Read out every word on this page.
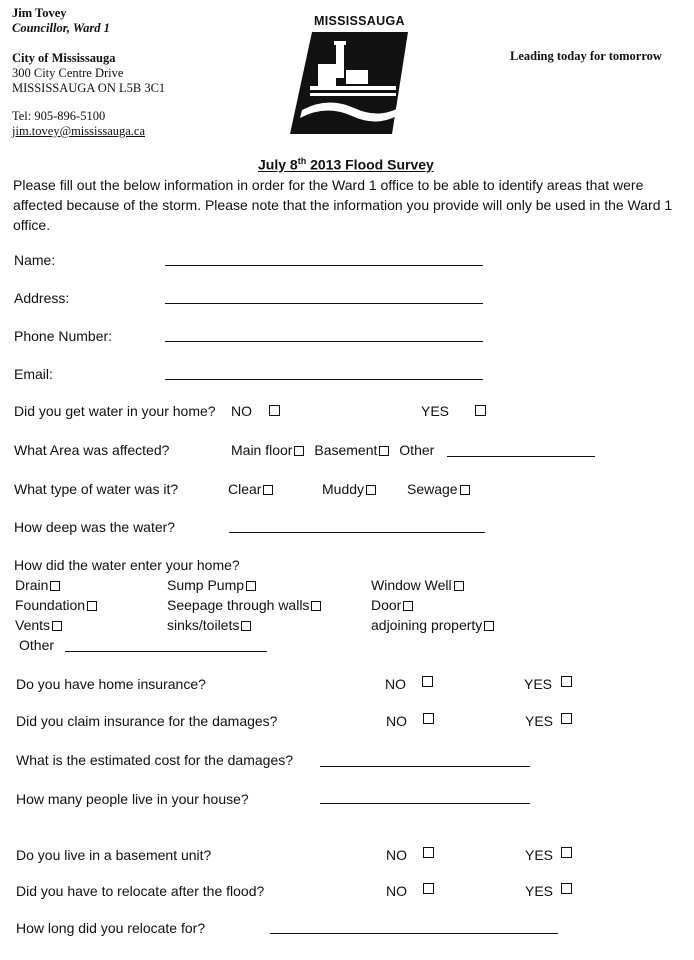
Jim Tovey
Councillor, Ward 1
City of Mississauga
300 City Centre Drive
MISSISSAUGA ON L5B 3C1
Tel: 905-896-5100
jim.tovey@mississauga.ca
MISSISSAUGA
Leading today for tomorrow
July 8th 2013 Flood Survey
Please fill out the below information in order for the Ward 1 office to be able to identify areas that were affected because of the storm. Please note that the information you provide will only be used in the Ward 1 office.
Name:
Address:
Phone Number:
Email:
Did you get water in your home? NO	YES
What Area was affected?	Main floor Basement Other
What type of water was it?	Clear	Muddy	Sewage
How deep was the water?
How did the water enter your home?
Drain	Sump Pump	Window Well
Foundation	Seepage through walls	Door
Vents	sinks/toilets	adjoining property
Other
Do you have home insurance?	NO	YES
Did you claim insurance for the damages?	NO	YES
What is the estimated cost for the damages?
How many people live in your house?
Do you live in a basement unit?	NO	YES
Did you have to relocate after the flood?	NO	YES
How long did you relocate for?
